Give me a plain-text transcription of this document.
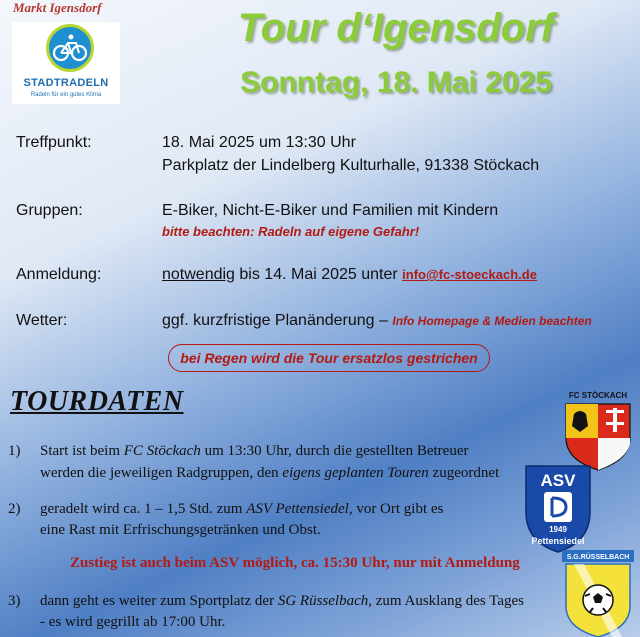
Markt Igensdorf
STADTRADELN
Radeln für ein gutes Klima
Tour d‘Igensdorf
Sonntag, 18. Mai 2025
Treffpunkt:	18. Mai 2025 um 13:30 Uhr
Parkplatz der Lindelberg Kulturhalle, 91338 Stöckach
Gruppen:	E-Biker, Nicht-E-Biker und Familien mit Kindern
bitte beachten: Radeln auf eigene Gefahr!
Anmeldung:	notwendig bis 14. Mai 2025 unter info@fc-stoeckach.de
Wetter:	ggf. kurzfristige Planänderung – Info Homepage & Medien beachten
bei Regen wird die Tour ersatzlos gestrichen
TOURDATEN
1) Start ist beim FC Stöckach um 13:30 Uhr, durch die gestellten Betreuer
werden die jeweiligen Radgruppen, den eigens geplanten Touren zugeordnet
2) geradelt wird ca. 1 – 1,5 Std. zum ASV Pettensiedel, vor Ort gibt es
eine Rast mit Erfrischungsgetränken und Obst.
Zustieg ist auch beim ASV möglich, ca. 15:30 Uhr, nur mit Anmeldung
3) dann geht es weiter zum Sportplatz der SG Rüsselbach, zum Ausklang des Tages
- es wird gegrillt ab 17:00 Uhr.
FC STÖCKACH
ASV
1949
Pettensiedel
S.G.RÜSSELBACH
